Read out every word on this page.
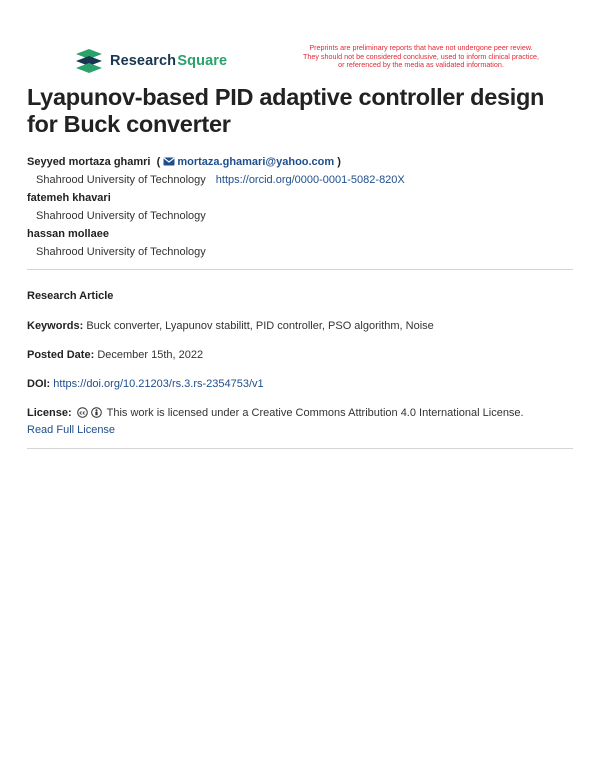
Research Square
Preprints are preliminary reports that have not undergone peer review.
They should not be considered conclusive, used to inform clinical practice,
or referenced by the media as validated information.
Lyapunov-based PID adaptive controller design for Buck converter
Seyyed mortaza ghamri ( mortaza.ghamari@yahoo.com )
Shahrood University of Technology https://orcid.org/0000-0001-5082-820X
fatemeh khavari
Shahrood University of Technology
hassan mollaee
Shahrood University of Technology
Research Article
Keywords: Buck converter, Lyapunov stabilitt, PID controller, PSO algorithm, Noise
Posted Date: December 15th, 2022
DOI: https://doi.org/10.21203/rs.3.rs-2354753/v1
License: cc This work is licensed under a Creative Commons Attribution 4.0 International License.
Read Full License
